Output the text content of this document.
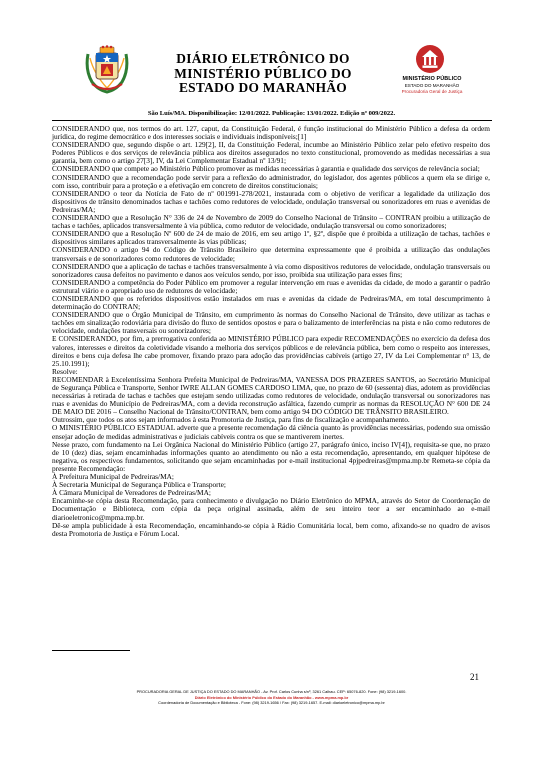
DIÁRIO ELETRÔNICO DO
MINISTÉRIO PÚBLICO DO
ESTADO DO MARANHÃO
MINISTÉRIO PÚBLICO
ESTADO DO MARANHÃO
Procuradoria Geral de Justiça
São Luís/MA. Disponibilização: 12/01/2022. Publicação: 13/01/2022. Edição nº 009/2022.

CONSIDERANDO que, nos termos do art. 127, caput, da Constituição Federal, é função institucional do Ministério Público a defesa da ordem jurídica, do regime democrático e dos interesses sociais e individuais indisponíveis;[1]

CONSIDERANDO que, segundo dispõe o art. 129[2], II, da Constituição Federal, incumbe ao Ministério Público zelar pelo efetivo respeito dos Poderes Públicos e dos serviços de relevância pública aos direitos assegurados no texto constitucional, promovendo as medidas necessárias a sua garantia, bem como o artigo 27[3], IV, da Lei Complementar Estadual nº 13/91;

CONSIDERANDO que compete ao Ministério Público promover as medidas necessárias à garantia e qualidade dos serviços de relevância social;

CONSIDERANDO que a recomendação pode servir para a reflexão do administrador, do legislador, dos agentes públicos a quem ela se dirige e, com isso, contribuir para a proteção e a efetivação em concreto de direitos constitucionais;

CONSIDERANDO o teor da Notícia de Fato de nº 001991-278/2021, instaurada com o objetivo de verificar a legalidade da utilização dos dispositivos de trânsito denominados tachas e tachões como redutores de velocidade, ondulação transversal ou sonorizadores em ruas e avenidas de Pedreiras/MA;

CONSIDERANDO que a Resolução N° 336 de 24 de Novembro de 2009 do Conselho Nacional de Trânsito – CONTRAN proibiu a utilização de tachas e tachões, aplicados transversalmente à via pública, como redutor de velocidade, ondulação transversal ou como sonorizadores;

CONSIDERANDO que a Resolução Nº 600 de 24 de maio de 2016, em seu artigo 1º, §2º, dispõe que é proibida a utilização de tachas, tachões e dispositivos similares aplicados transversalmente às vias públicas;

CONSIDERANDO o artigo 94 do Código de Trânsito Brasileiro que determina expressamente que é proibida a utilização das ondulações transversais e de sonorizadores como redutores de velocidade;

CONSIDERANDO que a aplicação de tachas e tachões transversalmente à via como dispositivos redutores de velocidade, ondulação transversais ou sonorizadores causa defeitos no pavimento e danos aos veículos sendo, por isso, proibida sua utilização para esses fins;

CONSIDERANDO a competência do Poder Público em promover a regular intervenção em ruas e avenidas da cidade, de modo a garantir o padrão estrutural viário e o apropriado uso de redutores de velocidade;

CONSIDERANDO que os referidos dispositivos estão instalados em ruas e avenidas da cidade de Pedreiras/MA, em total descumprimento à determinação do CONTRAN;

CONSIDERANDO que o Órgão Municipal de Trânsito, em cumprimento às normas do Conselho Nacional de Trânsito, deve utilizar as tachas e tachões em sinalização rodoviária para divisão do fluxo de sentidos opostos e para o balizamento de interferências na pista e não como redutores de velocidade, ondulações transversais ou sonorizadores;

E CONSIDERANDO, por fim, a prerrogativa conferida ao MINISTÉRIO PÚBLICO para expedir RECOMENDAÇÕES no exercício da defesa dos valores, interesses e direitos da coletividade visando a melhoria dos serviços públicos e de relevância pública, bem como o respeito aos interesses, direitos e bens cuja defesa lhe cabe promover, fixando prazo para adoção das providências cabíveis (artigo 27, IV da Lei Complementar n° 13, de 25.10.1991);

Resolve:

RECOMENDAR à Excelentíssima Senhora Prefeita Municipal de Pedreiras/MA, VANESSA DOS PRAZERES SANTOS, ao Secretário Municipal de Segurança Pública e Transporte, Senhor IWRE ALLAN GOMES CARDOSO LIMA, que, no prazo de 60 (sessenta) dias, adotem as providências necessárias à retirada de tachas e tachões que estejam sendo utilizadas como redutores de velocidade, ondulação transversal ou sonorizadores nas ruas e avenidas do Município de Pedreiras/MA, com a devida reconstrução asfáltica, fazendo cumprir as normas da RESOLUÇÃO N° 600 DE 24 DE MAIO DE 2016 – Conselho Nacional de Trânsito/CONTRAN, bem como artigo 94 DO CÓDIGO DE TRÂNSITO BRASILEIRO.

Outrossim, que todos os atos sejam informados à esta Promotoria de Justiça, para fins de fiscalização e acompanhamento.

O MINISTÉRIO PÚBLICO ESTADUAL adverte que a presente recomendação dá ciência quanto às providências necessárias, podendo sua omissão ensejar adoção de medidas administrativas e judiciais cabíveis contra os que se mantiverem inertes.

Nesse prazo, com fundamento na Lei Orgânica Nacional do Ministério Público (artigo 27, parágrafo único, inciso IV[4]), requisita-se que, no prazo de 10 (dez) dias, sejam encaminhadas informações quanto ao atendimento ou não a esta recomendação, apresentando, em qualquer hipótese de negativa, os respectivos fundamentos, solicitando que sejam encaminhadas por e-mail institucional 4pjpedreiras@mpma.mp.br Remeta-se cópia da presente Recomendação:

À Prefeitura Municipal de Pedreiras/MA;

À Secretaria Municipal de Segurança Pública e Transporte;

À Câmara Municipal de Vereadores de Pedreiras/MA;

Encaminhe-se cópia desta Recomendação, para conhecimento e divulgação no Diário Eletrônico do MPMA, através do Setor de Coordenação de Documentação e Biblioteca, com cópia da peça original assinada, além de seu inteiro teor a ser encaminhado ao e-mail diarioeletronico@mpma.mp.br.

Dê-se ampla publicidade à esta Recomendação, encaminhando-se cópia à Rádio Comunitária local, bem como, afixando-se no quadro de avisos desta Promotoria de Justiça e Fórum Local.

21
PROCURADORIA GERAL DE JUSTIÇA DO ESTADO DO MARANHÃO - Av. Prof. Carlos Cunha s/nº, 3261 Calhau. CEP: 65076-820. Fone: (98) 3219-1600.
Diário Eletrônico do Ministério Público do Estado do Maranhão - www.mpma.mp.br
Coordenadoria de Documentação e Biblioteca - Fone: (98) 3219-1656 / Fax: (98) 3219-1657. E-mail: diarioeletronico@mpma.mp.br
